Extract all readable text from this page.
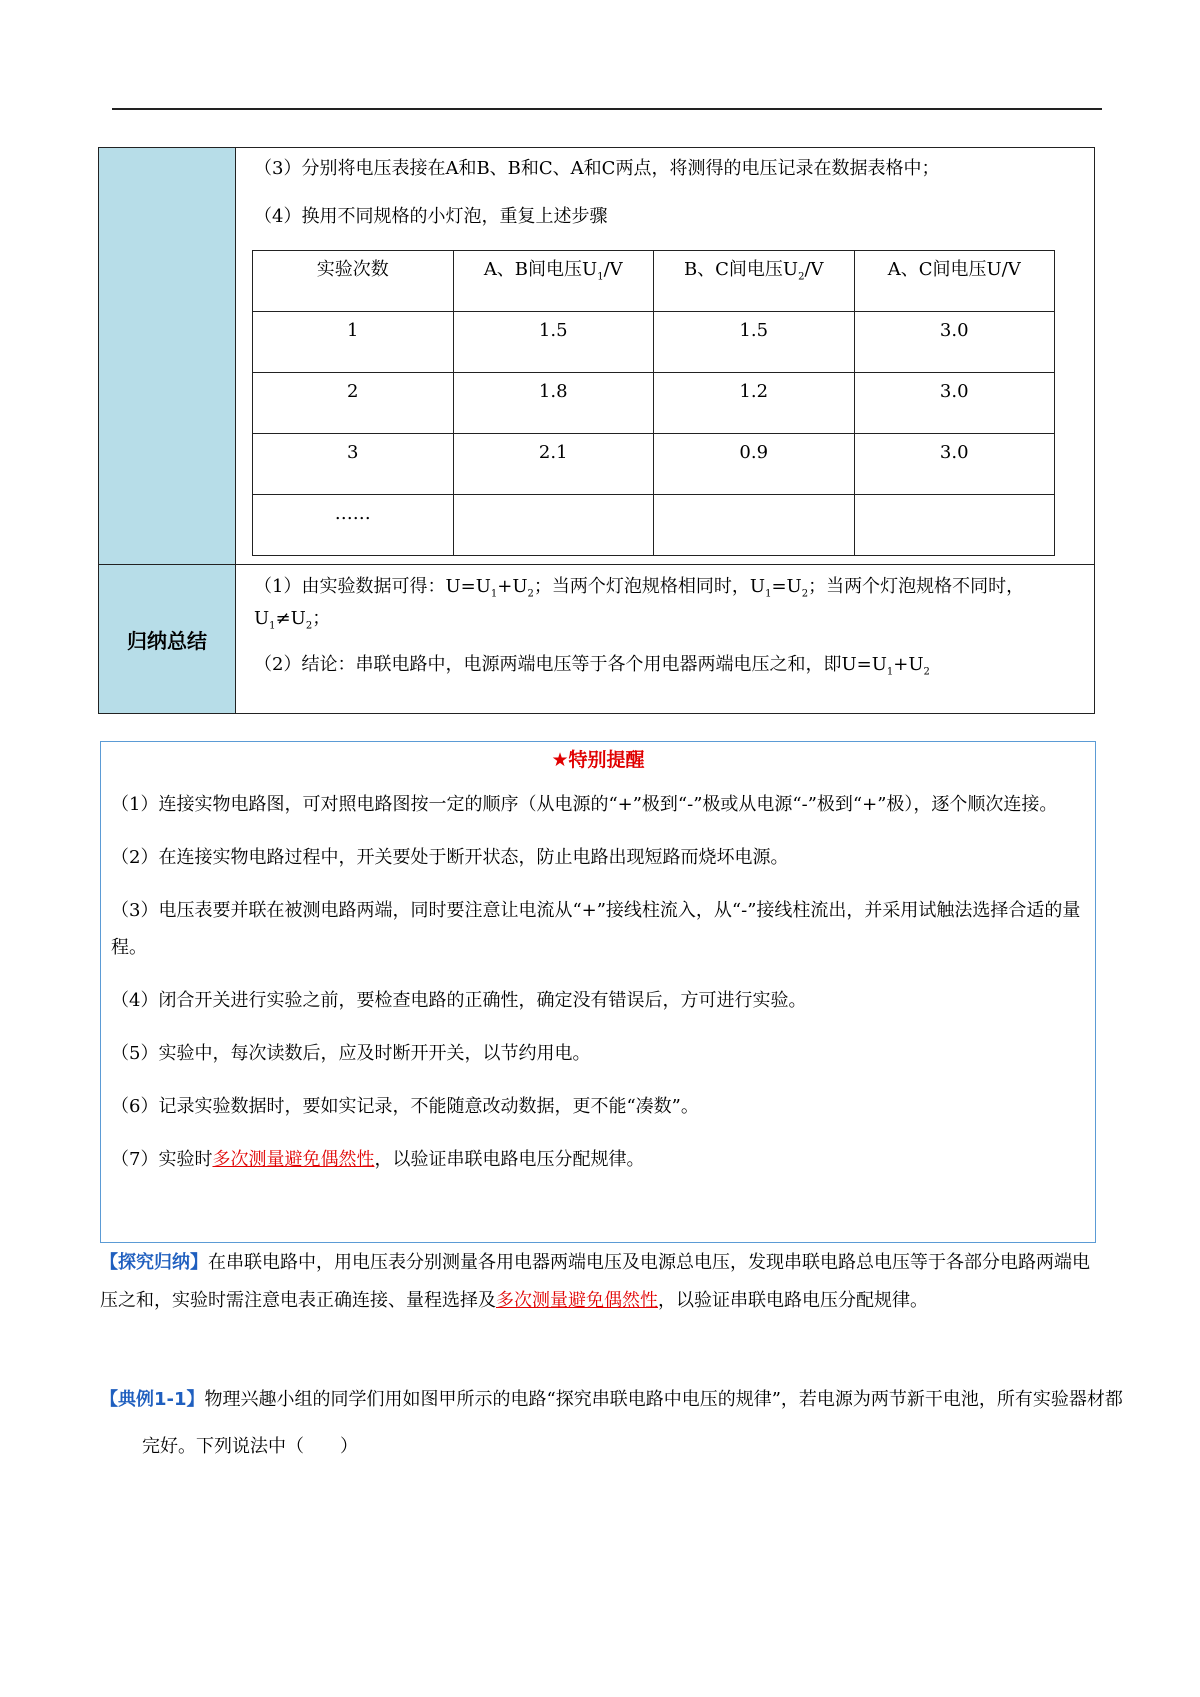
（3）分别将电压表接在A和B、B和C、A和C两点，将测得的电压记录在数据表格中；

（4）换用不同规格的小灯泡，重复上述步骤

实验次数	A、B间电压$U_1/V$	B、C间电压$U_2/V$	A、C间电压U/V
1	1.5	1.5	3.0
2	1.8	1.2	3.0
3	2.1	0.9	3.0
……			

归纳总结	

（1）由实验数据可得：$U=U_1+U_2$；当两个灯泡规格相同时，$U_1=U_2$；当两个灯泡规格不同时，$U_1\ne U_2$；

（2）结论：串联电路中，电源两端电压等于各个用电器两端电压之和，即$U=U_1+U_2$

★特别提醒

（1）连接实物电路图，可对照电路图按一定的顺序（从电源的“+”极到“-”极或从电源“-”极到“+”极），逐个顺次连接。

（2）在连接实物电路过程中，开关要处于断开状态，防止电路出现短路而烧坏电源。

（3）电压表要并联在被测电路两端，同时要注意让电流从“+”接线柱流入，从“-”接线柱流出，并采用试触法选择合适的量程。

（4）闭合开关进行实验之前，要检查电路的正确性，确定没有错误后，方可进行实验。

（5）实验中，每次读数后，应及时断开开关，以节约用电。

（6）记录实验数据时，要如实记录，不能随意改动数据，更不能“凑数”。

（7）实验时多次测量避免偶然性，以验证串联电路电压分配规律。

【探究归纳】在串联电路中，用电压表分别测量各用电器两端电压及电源总电压，发现串联电路总电压等于各部分电路两端电压之和，实验时需注意电表正确连接、量程选择及多次测量避免偶然性，以验证串联电路电压分配规律。

【典例1-1】物理兴趣小组的同学们用如图甲所示的电路“探究串联电路中电压的规律”，若电源为两节新干电池，所有实验器材都完好。下列说法中（　　）
